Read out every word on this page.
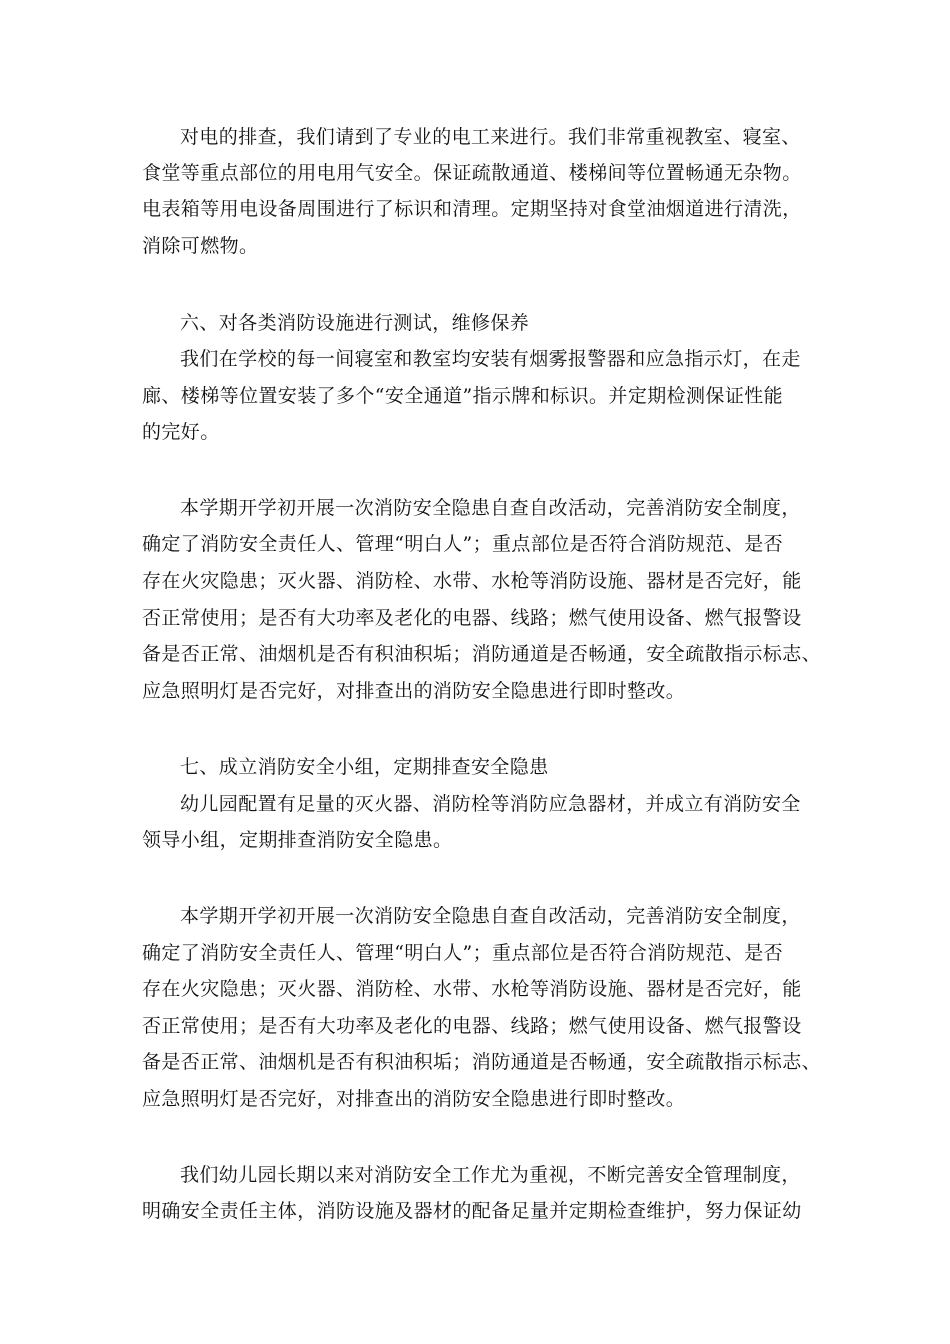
对电的排查，我们请到了专业的电工来进行。我们非常重视教室、寝室、
食堂等重点部位的用电用气安全。保证疏散通道、楼梯间等位置畅通无杂物。
电表箱等用电设备周围进行了标识和清理。定期坚持对食堂油烟道进行清洗，
消除可燃物。
六、对各类消防设施进行测试，维修保养
我们在学校的每一间寝室和教室均安装有烟雾报警器和应急指示灯，在走
廊、楼梯等位置安装了多个“安全通道”指示牌和标识。并定期检测保证性能
的完好。
本学期开学初开展一次消防安全隐患自查自改活动，完善消防安全制度，
确定了消防安全责任人、管理“明白人”；重点部位是否符合消防规范、是否
存在火灾隐患；灭火器、消防栓、水带、水枪等消防设施、器材是否完好，能
否正常使用；是否有大功率及老化的电器、线路；燃气使用设备、燃气报警设
备是否正常、油烟机是否有积油积垢；消防通道是否畅通，安全疏散指示标志、
应急照明灯是否完好，对排查出的消防安全隐患进行即时整改。
七、成立消防安全小组，定期排查安全隐患
幼儿园配置有足量的灭火器、消防栓等消防应急器材，并成立有消防安全
领导小组，定期排查消防安全隐患。
本学期开学初开展一次消防安全隐患自查自改活动，完善消防安全制度，
确定了消防安全责任人、管理“明白人”；重点部位是否符合消防规范、是否
存在火灾隐患；灭火器、消防栓、水带、水枪等消防设施、器材是否完好，能
否正常使用；是否有大功率及老化的电器、线路；燃气使用设备、燃气报警设
备是否正常、油烟机是否有积油积垢；消防通道是否畅通，安全疏散指示标志、
应急照明灯是否完好，对排查出的消防安全隐患进行即时整改。
我们幼儿园长期以来对消防安全工作尤为重视，不断完善安全管理制度，
明确安全责任主体，消防设施及器材的配备足量并定期检查维护，努力保证幼
